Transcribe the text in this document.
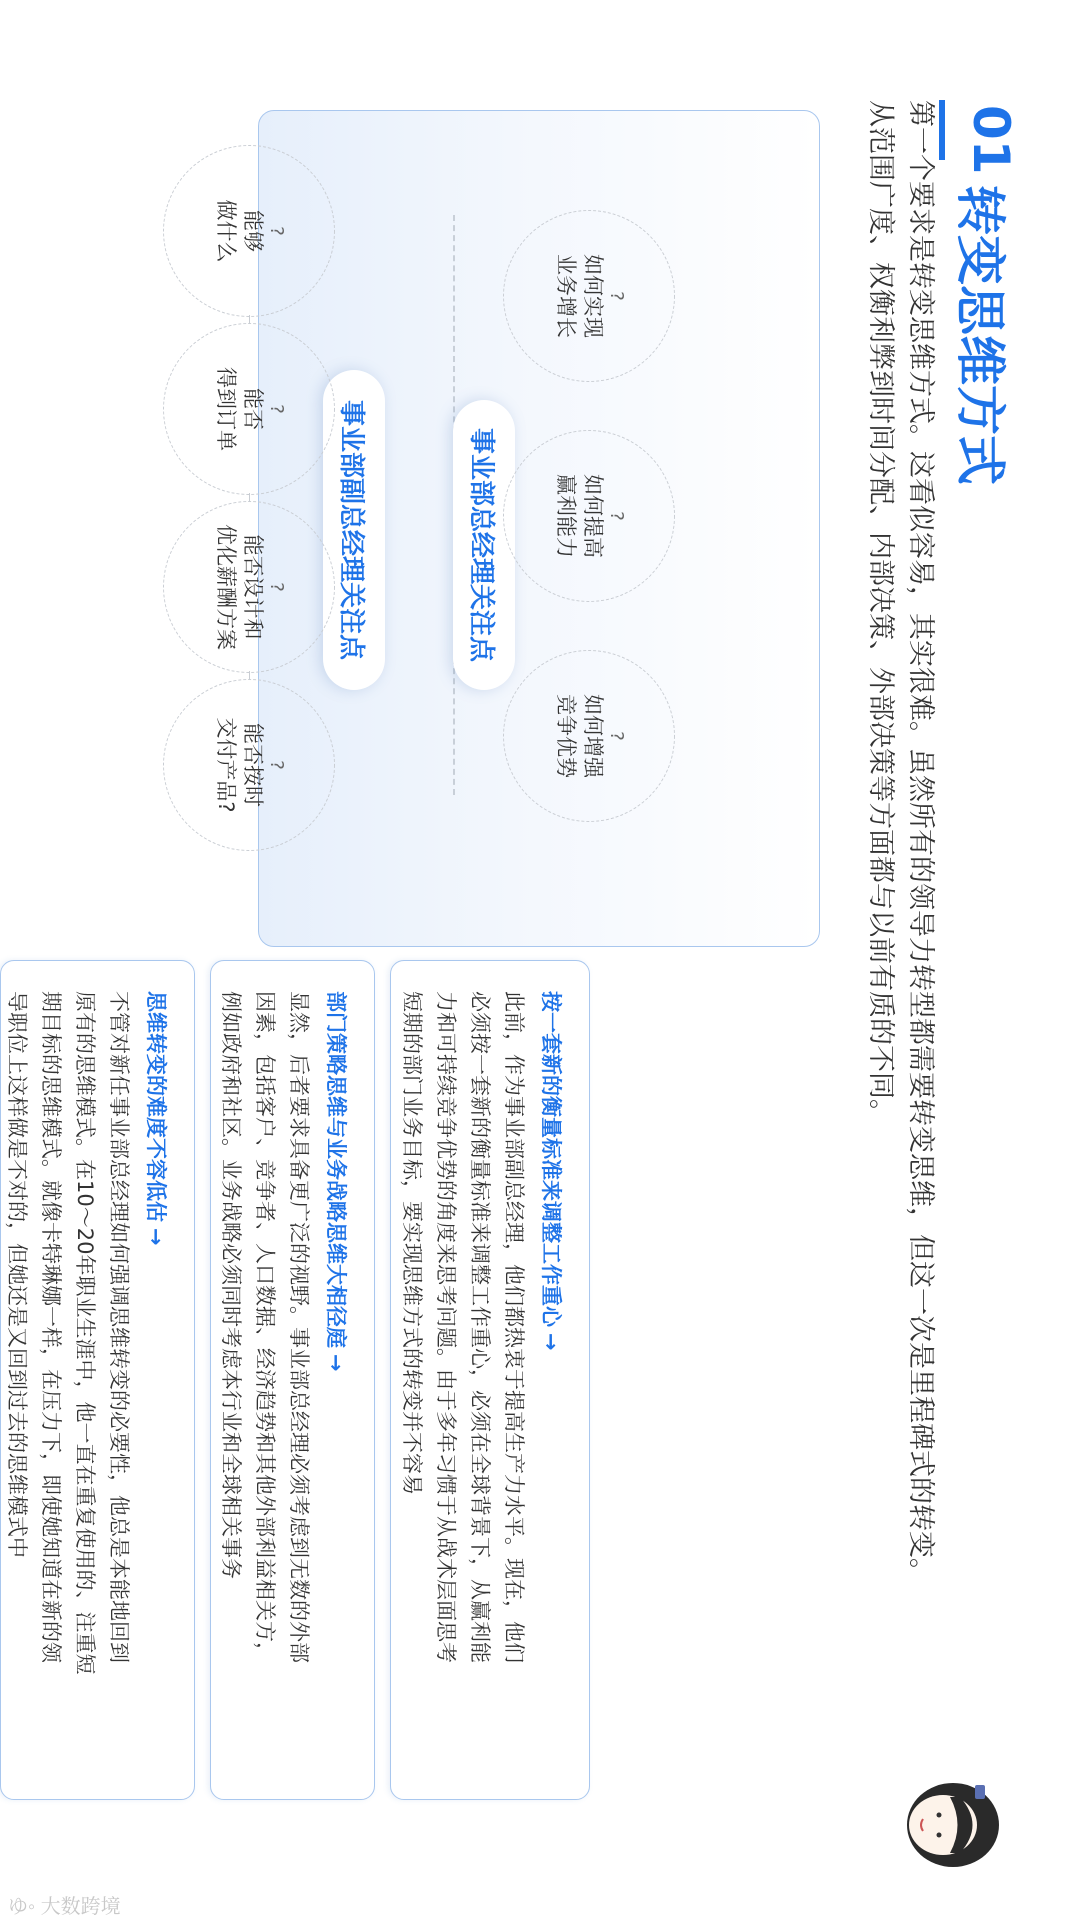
01
转变思维方式

第一个要求是转变思维方式。这看似容易，其实很难。虽然所有的领导力转型都需要转变思维，但这一次是里程碑式的转变。

从范围广度、权衡利弊到时间分配、内部决策、外部决策等方面都与以前有质的不同。

事业部总经理关注点
事业部副总经理关注点
?
如何实现
业务增长
?
如何提高
赢利能力
?
如何增强
竞争优势
?
能够
做什么
?
能否
得到订单
?
能否设计和
优化薪酬方案
?
能否按时
交付产品?
按一套新的衡量标准来调整工作重心→
此前，作为事业部副总经理，他们都热衷于提高生产力水平。现在，他们
必须按一套新的衡量标准来调整工作重心，必须在全球背景下，从赢利能
力和可持续竞争优势的角度来思考问题。由于多年习惯于从战术层面思考
短期的部门业务目标，要实现思维方式的转变并不容易
部门策略思维与业务战略思维大相径庭→
显然，后者要求具备更广泛的视野。事业部总经理必须考虑到无数的外部
因素，包括客户、竞争者、人口数据、经济趋势和其他外部利益相关方，
例如政府和社区。业务战略必须同时考虑本行业和全球相关事务
思维转变的难度不容低估→
不管对新任事业部总经理如何强调思维转变的必要性，他总是本能地回到
原有的思维模式。在10～20年职业生涯中，他一直在重复使用的、注重短
期目标的思维模式。就像卡特琳娜一样，在压力下，即使她知道在新的领
导职位上这样做是不对的，但她还是又回到过去的思维模式中
ゆ◦ 大数跨境
